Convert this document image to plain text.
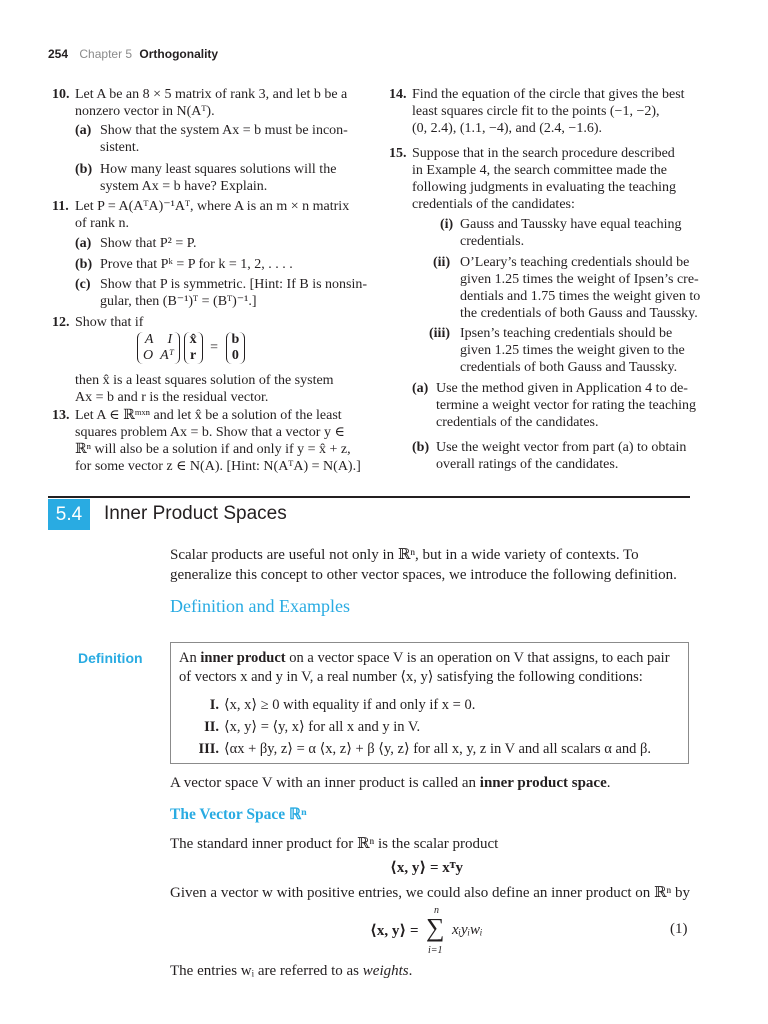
254 Chapter 5 Orthogonality
10. Let A be an 8 × 5 matrix of rank 3, and let b be a
nonzero vector in N(Aᵀ).
(a) Show that the system Ax = b must be incon-
sistent.
(b) How many least squares solutions will the
system Ax = b have? Explain.
11. Let P = A(AᵀA)⁻¹Aᵀ, where A is an m × n matrix
of rank n.
(a) Show that P² = P.
(b) Prove that Pᵏ = P for k = 1, 2, . . . .
(c) Show that P is symmetric. [Hint: If B is nonsin-
gular, then (B⁻¹)ᵀ = (Bᵀ)⁻¹.]
12. Show that if
A I
O Aᵀ x̂
r = b
0
then x̂ is a least squares solution of the system
Ax = b and r is the residual vector.
13. Let A ∈ ℝᵐˣⁿ and let x̂ be a solution of the least
squares problem Ax = b. Show that a vector y ∈
ℝⁿ will also be a solution if and only if y = x̂ + z,
for some vector z ∈ N(A). [Hint: N(AᵀA) = N(A).]
14. Find the equation of the circle that gives the best
least squares circle fit to the points (−1, −2),
(0, 2.4), (1.1, −4), and (2.4, −1.6).
15. Suppose that in the search procedure described
in Example 4, the search committee made the
following judgments in evaluating the teaching
credentials of the candidates:
(i) Gauss and Taussky have equal teaching
credentials.
(ii) O’Leary’s teaching credentials should be
given 1.25 times the weight of Ipsen’s cre-
dentials and 1.75 times the weight given to
the credentials of both Gauss and Taussky.
(iii) Ipsen’s teaching credentials should be
given 1.25 times the weight given to the
credentials of both Gauss and Taussky.
(a) Use the method given in Application 4 to de-
termine a weight vector for rating the teaching
credentials of the candidates.
(b) Use the weight vector from part (a) to obtain
overall ratings of the candidates.
5.4	Inner Product Spaces
Scalar products are useful not only in ℝⁿ, but in a wide variety of contexts. To
generalize this concept to other vector spaces, we introduce the following definition.
Definition and Examples
Definition	An inner product on a vector space V is an operation on V that assigns, to each pair
of vectors x and y in V, a real number ⟨x, y⟩ satisfying the following conditions:
I. ⟨x, x⟩ ≥ 0 with equality if and only if x = 0.
II. ⟨x, y⟩ = ⟨y, x⟩ for all x and y in V.
III. ⟨αx + βy, z⟩ = α ⟨x, z⟩ + β ⟨y, z⟩ for all x, y, z in V and all scalars α and β.
A vector space V with an inner product is called an inner product space.
The Vector Space ℝⁿ
The standard inner product for ℝⁿ is the scalar product
⟨x, y⟩ = xᵀy
Given a vector w with positive entries, we could also define an inner product on ℝⁿ by
⟨x, y⟩ =
n
∑
i=1
xᵢyᵢwᵢ	(1)
The entries wᵢ are referred to as weights.
